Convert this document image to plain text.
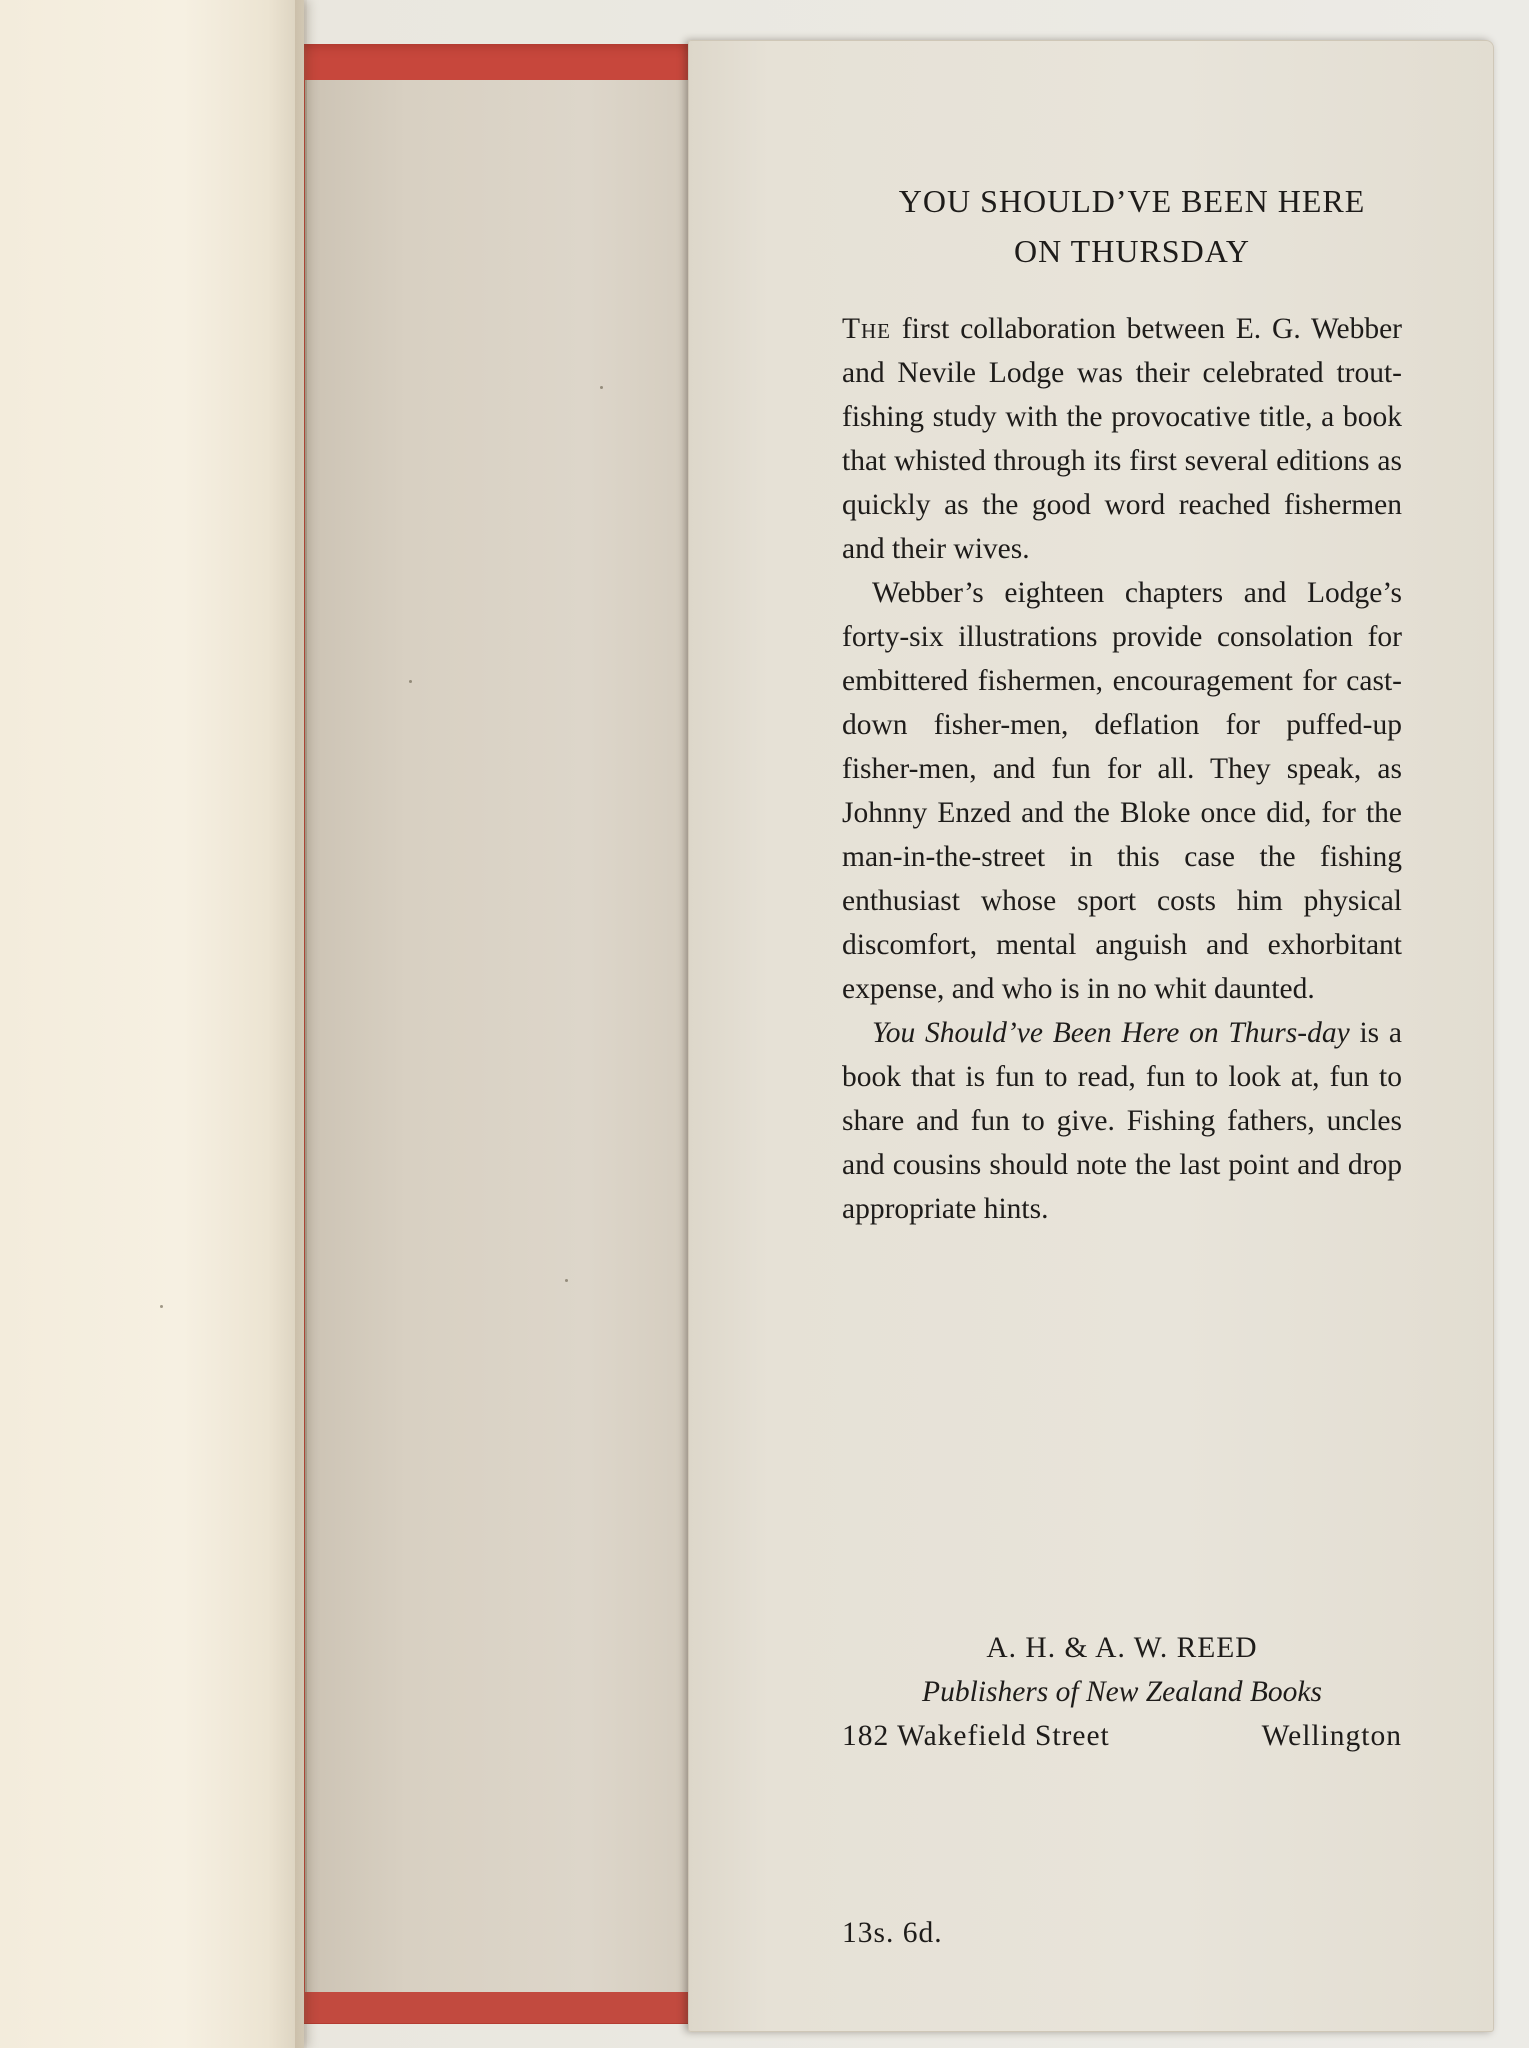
YOU SHOULD’VE BEEN HERE
ON THURSDAY

The first collaboration between E. G. Webber and Nevile Lodge was their celebrated trout-fishing study with the provocative title, a book that whisted through its first several editions as quickly as the good word reached fishermen and their wives.

Webber’s eighteen chapters and Lodge’s forty-six illustrations provide consolation for embittered fishermen, encouragement for cast-down fisher-men, deflation for puffed-up fisher-men, and fun for all. They speak, as Johnny Enzed and the Bloke once did, for the man-in-the-street in this case the fishing enthusiast whose sport costs him physical discomfort, mental anguish and exhorbitant expense, and who is in no whit daunted.

You Should’ve Been Here on Thurs-day is a book that is fun to read, fun to look at, fun to share and fun to give. Fishing fathers, uncles and cousins should note the last point and drop appropriate hints.

A. H. & A. W. REED
Publishers of New Zealand Books
182 Wakefield Street	Wellington
13s. 6d.
